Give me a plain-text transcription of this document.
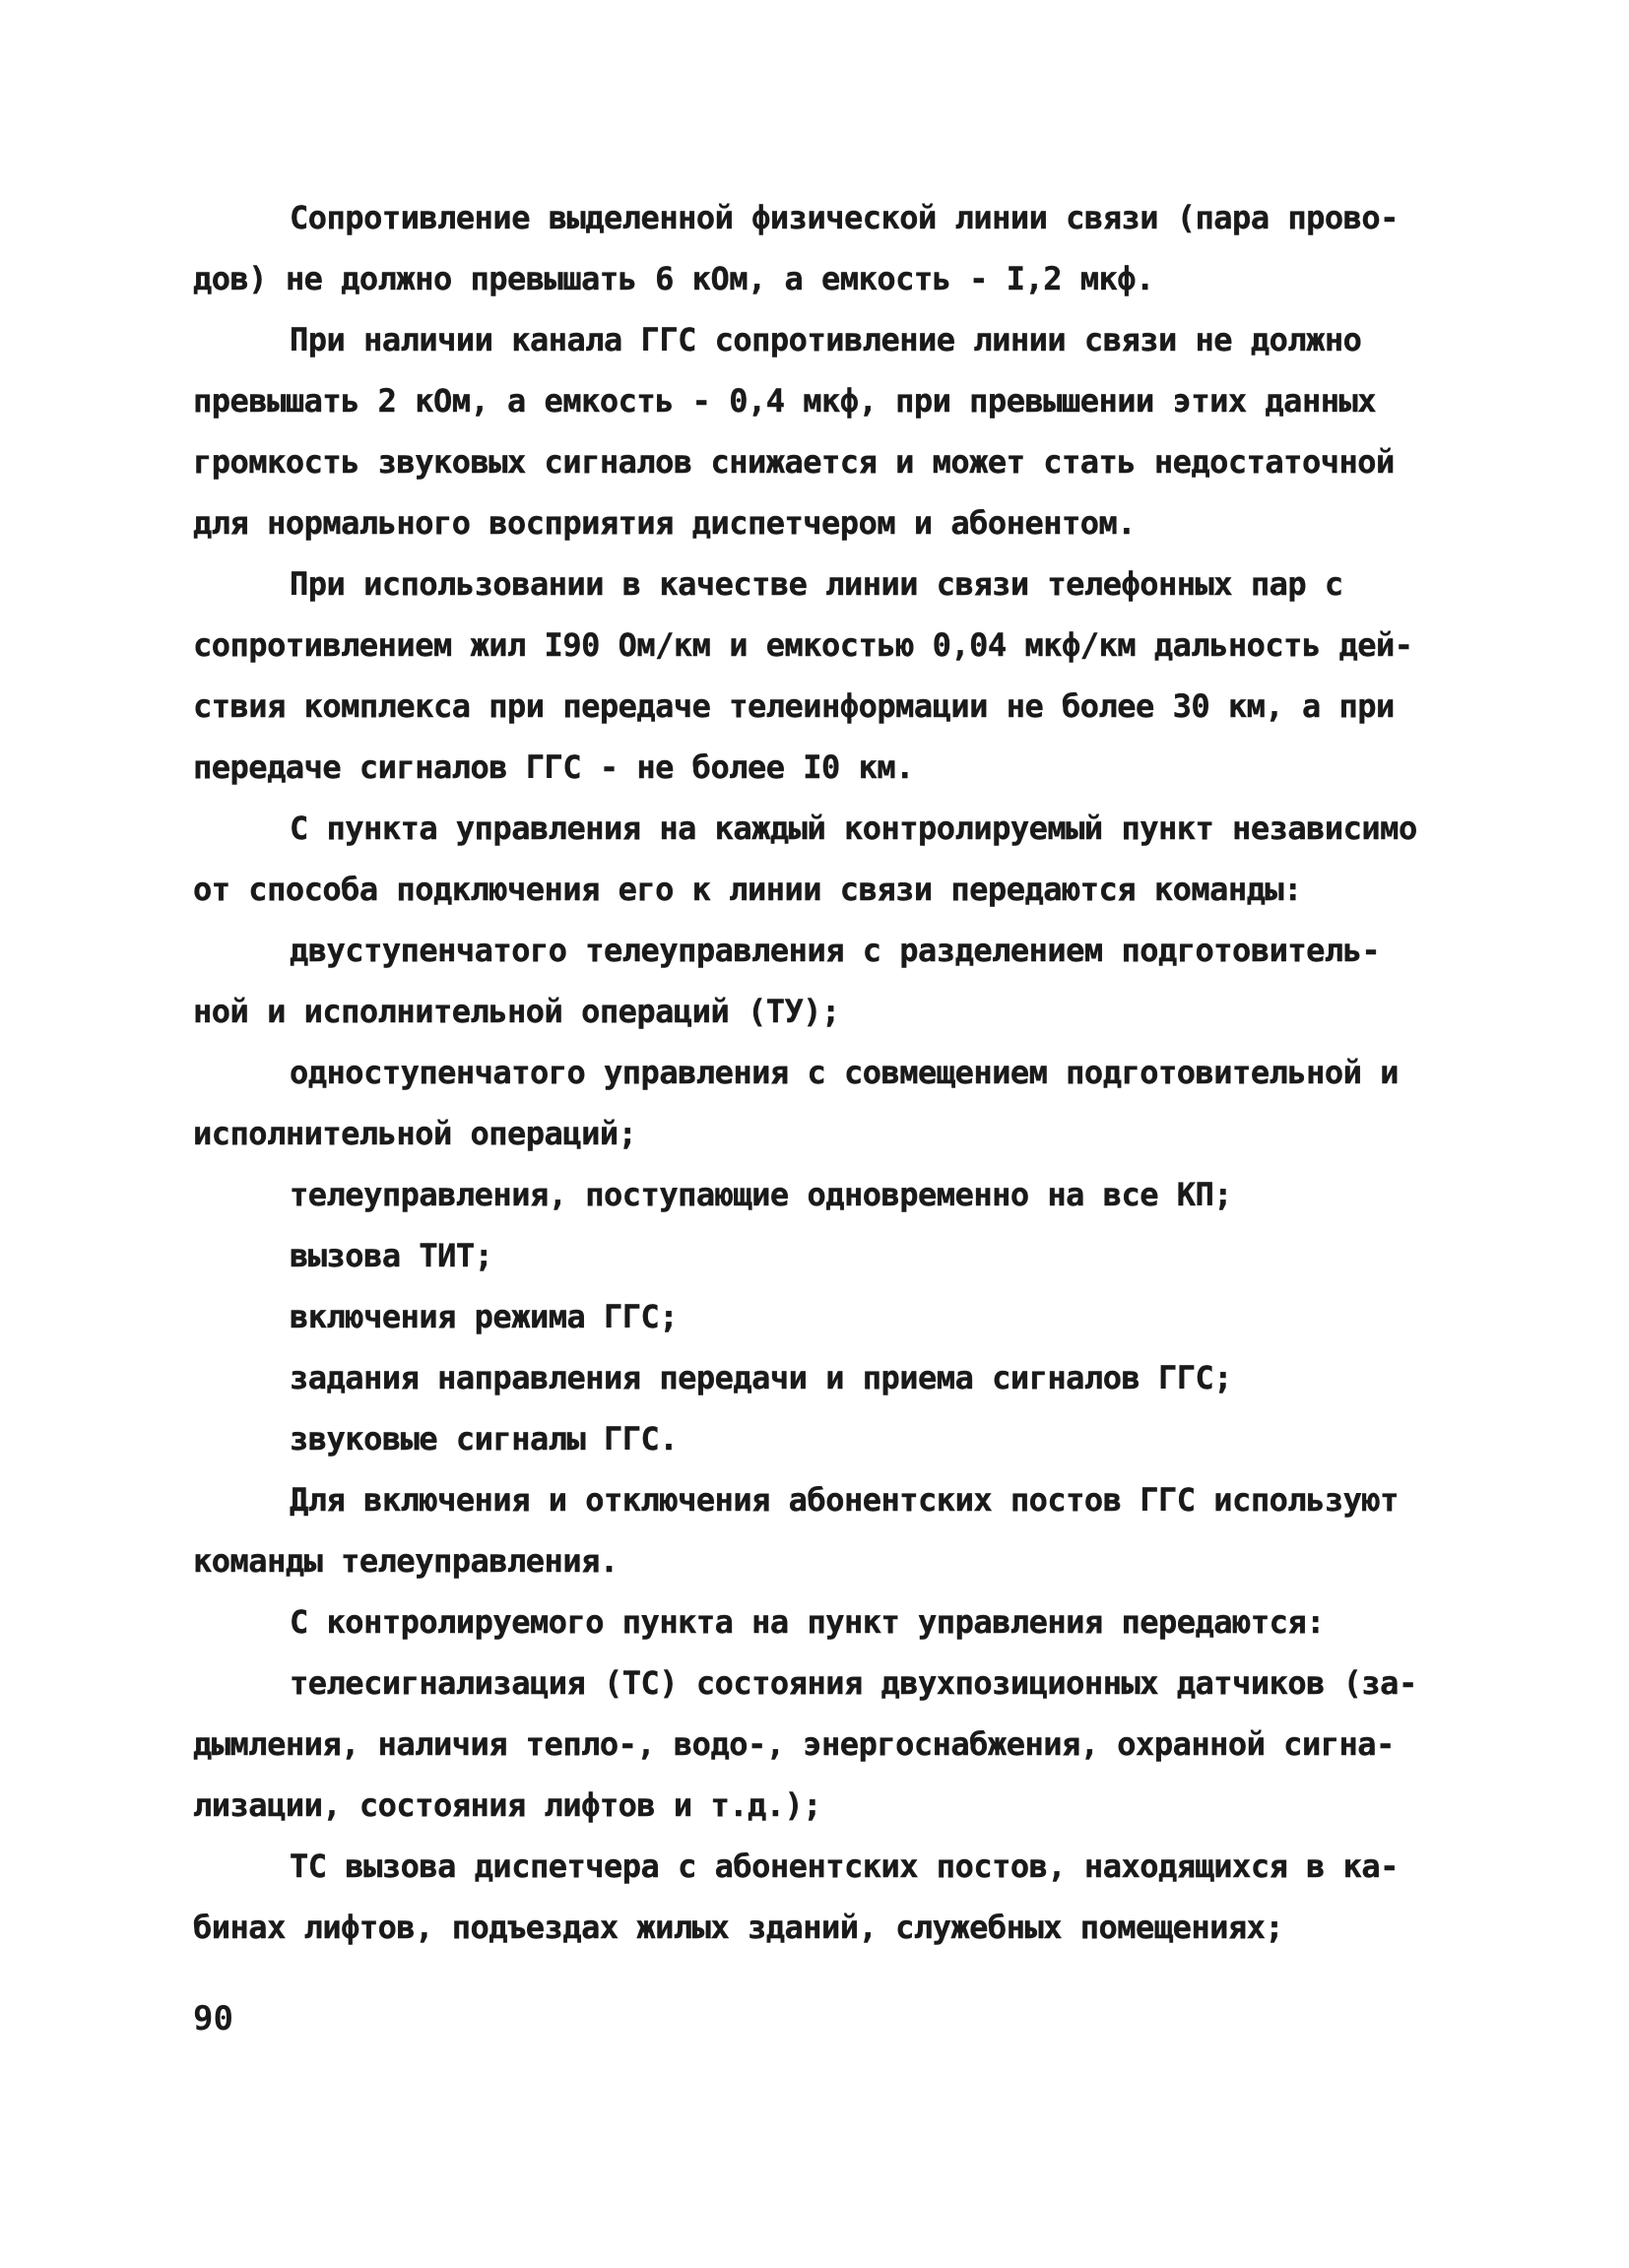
Сопротивление выделенной физической линии связи (пара прово-
дов) не должно превышать 6 кОм, а емкость - I,2 мкф.
При наличии канала ГГС сопротивление линии связи не должно
превышать 2 кОм, а емкость - 0,4 мкф, при превышении этих данных
громкость звуковых сигналов снижается и может стать недостаточной
для нормального восприятия диспетчером и абонентом.
При использовании в качестве линии связи телефонных пар с
сопротивлением жил I90 Ом/км и емкостью 0,04 мкф/км дальность дей-
ствия комплекса при передаче телеинформации не более 30 км, а при
передаче сигналов ГГС - не более I0 км.
С пункта управления на каждый контролируемый пункт независимо
от способа подключения его к линии связи передаются команды:
двуступенчатого телеуправления с разделением подготовитель-
ной и исполнительной операций (ТУ);
одноступенчатого управления с совмещением подготовительной и
исполнительной операций;
телеуправления, поступающие одновременно на все КП;
вызова ТИТ;
включения режима ГГС;
задания направления передачи и приема сигналов ГГС;
звуковые сигналы ГГС.
Для включения и отключения абонентских постов ГГС используют
команды телеуправления.
С контролируемого пункта на пункт управления передаются:
телесигнализация (ТС) состояния двухпозиционных датчиков (за-
дымления, наличия тепло-, водо-, энергоснабжения, охранной сигна-
лизации, состояния лифтов и т.д.);
ТС вызова диспетчера с абонентских постов, находящихся в ка-
бинах лифтов, подъездах жилых зданий, служебных помещениях;
90
